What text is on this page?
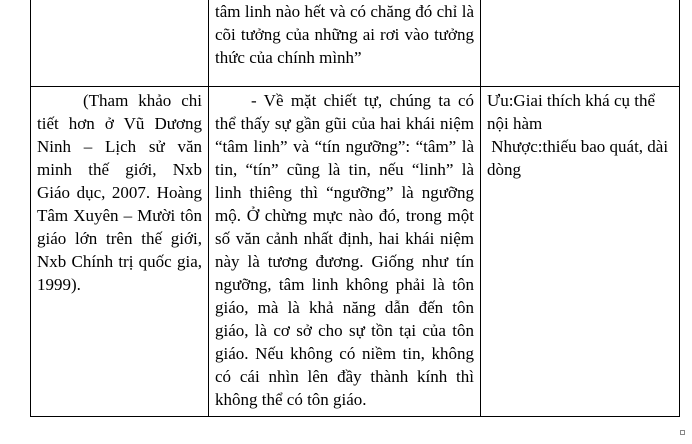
	tâm linh nào hết và có chăng đó chỉ là cõi tưởng của những ai rơi vào tưởng thức của chính mình”	

(Tham khảo chi tiết hơn ở Vũ Dương Ninh – Lịch sử văn minh thế giới, Nxb Giáo dục, 2007. Hoàng Tâm Xuyên – Mười tôn giáo lớn trên thế giới, Nxb Chính trị quốc gia, 1999).	- Về mặt chiết tự, chúng ta có thể thấy sự gần gũi của hai khái niệm “tâm linh” và “tín ngưỡng”: “tâm” là tin, “tín” cũng là tin, nếu “linh” là linh thiêng thì “ngưỡng” là ngưỡng mộ. Ở chừng mực nào đó, trong một số văn cảnh nhất định, hai khái niệm này là tương đương. Giống như tín ngưỡng, tâm linh không phải là tôn giáo, mà là khả năng dẫn đến tôn giáo, là cơ sở cho sự tồn tại của tôn giáo. Nếu không có niềm tin, không có cái nhìn lên đầy thành kính thì không thể có tôn giáo.	Ưu:Giai thích khá cụ thể nội hàm

Nhược:thiếu bao quát, dài dòng
